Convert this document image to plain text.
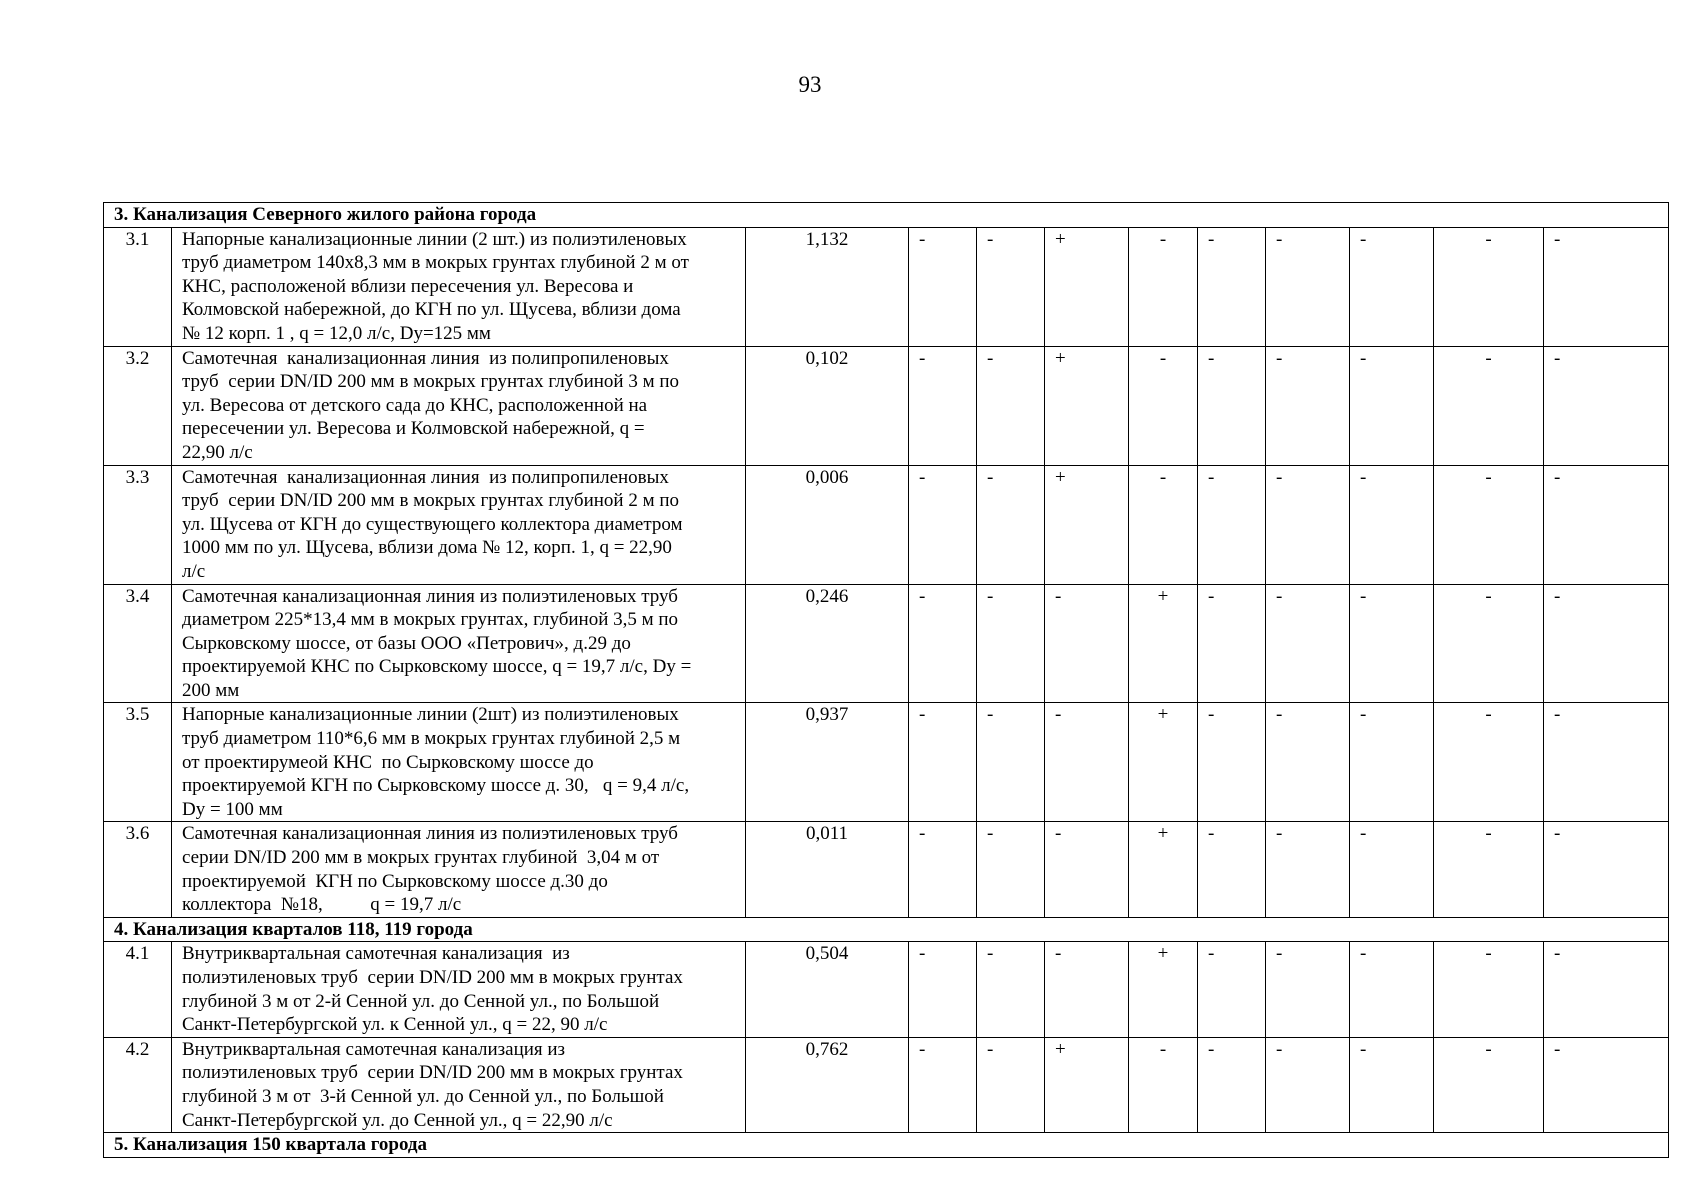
93
3. Канализация Северного жилого района города											
3.1	Напорные канализационные линии (2 шт.) из полиэтиленовых
труб диаметром 140х8,3 мм в мокрых грунтах глубиной 2 м от
КНС, расположеной вблизи пересечения ул. Вересова и
Колмовской набережной, до КГН по ул. Щусева, вблизи дома
№ 12 корп. 1 , q = 12,0 л/с, Dy=125 мм	1,132	-	-	+	-	-	-	-	-	-
3.2	Самотечная  канализационная линия  из полипропиленовых
труб  серии DN/ID 200 мм в мокрых грунтах глубиной 3 м по
ул. Вересова от детского сада до КНС, расположенной на
пересечении ул. Вересова и Колмовской набережной, q =
22,90 л/с	0,102	-	-	+	-	-	-	-	-	-
3.3	Самотечная  канализационная линия  из полипропиленовых
труб  серии DN/ID 200 мм в мокрых грунтах глубиной 2 м по
ул. Щусева от КГН до существующего коллектора диаметром
1000 мм по ул. Щусева, вблизи дома № 12, корп. 1, q = 22,90
л/с	0,006	-	-	+	-	-	-	-	-	-
3.4	Самотечная канализационная линия из полиэтиленовых труб
диаметром 225*13,4 мм в мокрых грунтах, глубиной 3,5 м по
Сырковскому шоссе, от базы ООО «Петрович», д.29 до
проектируемой КНС по Сырковскому шоссе, q = 19,7 л/с, Dy =
200 мм	0,246	-	-	-	+	-	-	-	-	-
3.5	Напорные канализационные линии (2шт) из полиэтиленовых
труб диаметром 110*6,6 мм в мокрых грунтах глубиной 2,5 м
от проектирумеой КНС  по Сырковскому шоссе до
проектируемой КГН по Сырковскому шоссе д. 30,   q = 9,4 л/с,
Dy = 100 мм	0,937	-	-	-	+	-	-	-	-	-
3.6	Самотечная канализационная линия из полиэтиленовых труб
серии DN/ID 200 мм в мокрых грунтах глубиной  3,04 м от
проектируемой  КГН по Сырковскому шоссе д.30 до
коллектора  №18,          q = 19,7 л/с	0,011	-	-	-	+	-	-	-	-	-
4. Канализация кварталов 118, 119 города											
4.1	Внутриквартальная самотечная канализация  из
полиэтиленовых труб  серии DN/ID 200 мм в мокрых грунтах
глубиной 3 м от 2-й Сенной ул. до Сенной ул., по Большой
Санкт-Петербургской ул. к Сенной ул., q = 22, 90 л/с	0,504	-	-	-	+	-	-	-	-	-
4.2	Внутриквартальная самотечная канализация из
полиэтиленовых труб  серии DN/ID 200 мм в мокрых грунтах
глубиной 3 м от  3-й Сенной ул. до Сенной ул., по Большой
Санкт-Петербургской ул. до Сенной ул., q = 22,90 л/с	0,762	-	-	+	-	-	-	-	-	-
5. Канализация 150 квартала города											
